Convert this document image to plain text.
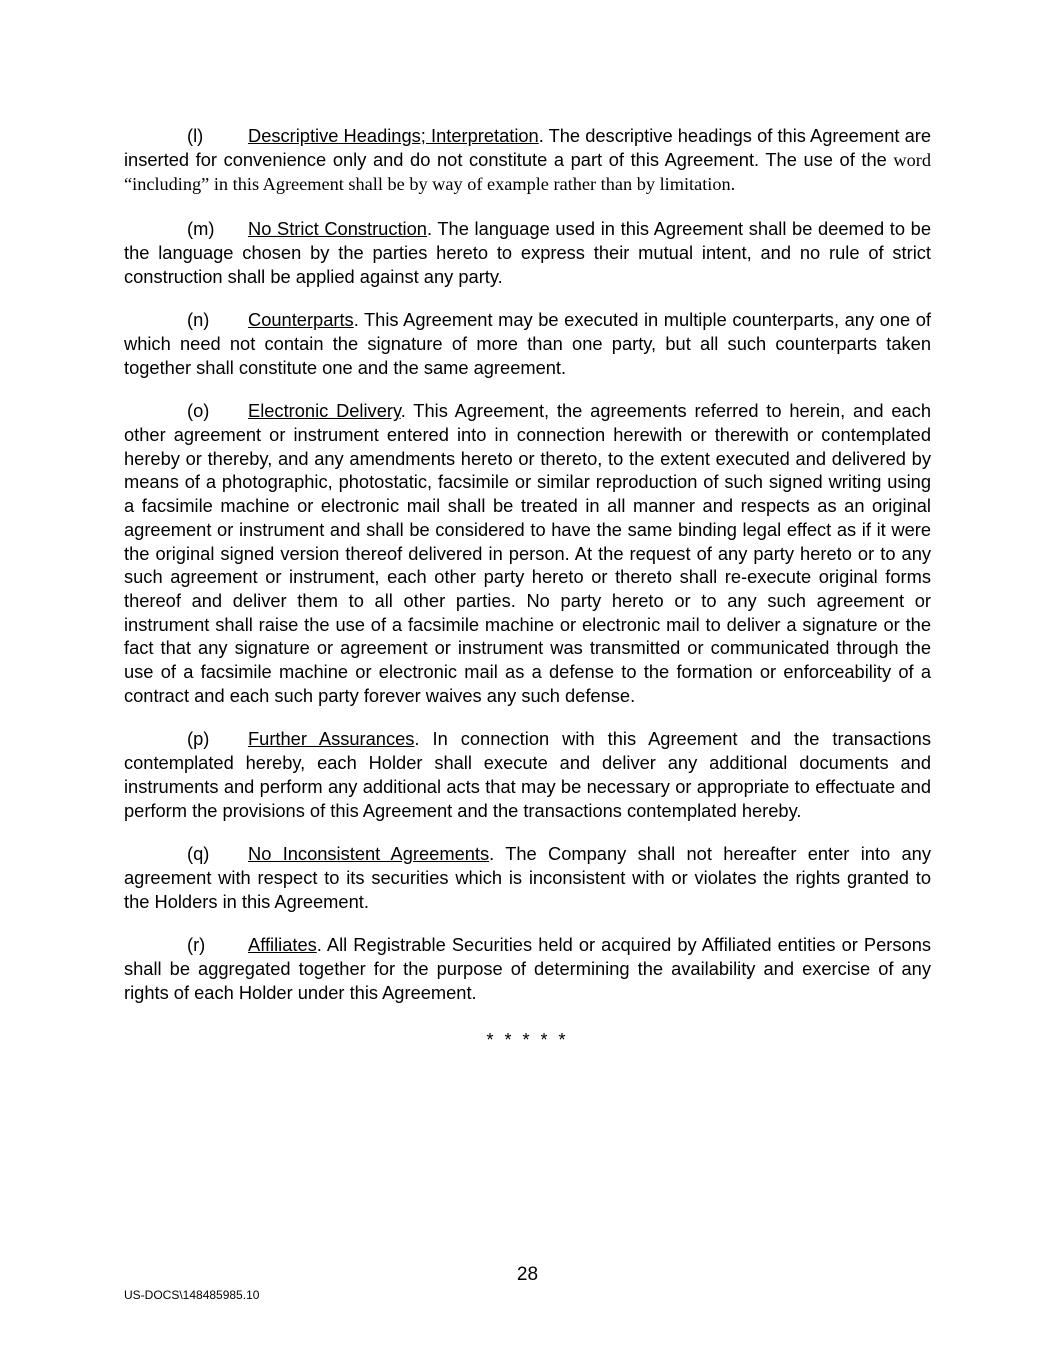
(l) Descriptive Headings; Interpretation. The descriptive headings of this Agreement are inserted for convenience only and do not constitute a part of this Agreement. The use of the word “including” in this Agreement shall be by way of example rather than by limitation.

(m) No Strict Construction. The language used in this Agreement shall be deemed to be the language chosen by the parties hereto to express their mutual intent, and no rule of strict construction shall be applied against any party.

(n) Counterparts. This Agreement may be executed in multiple counterparts, any one of which need not contain the signature of more than one party, but all such counterparts taken together shall constitute one and the same agreement.

(o) Electronic Delivery. This Agreement, the agreements referred to herein, and each other agreement or instrument entered into in connection herewith or therewith or contemplated hereby or thereby, and any amendments hereto or thereto, to the extent executed and delivered by means of a photographic, photostatic, facsimile or similar reproduction of such signed writing using a facsimile machine or electronic mail shall be treated in all manner and respects as an original agreement or instrument and shall be considered to have the same binding legal effect as if it were the original signed version thereof delivered in person. At the request of any party hereto or to any such agreement or instrument, each other party hereto or thereto shall re-execute original forms thereof and deliver them to all other parties. No party hereto or to any such agreement or instrument shall raise the use of a facsimile machine or electronic mail to deliver a signature or the fact that any signature or agreement or instrument was transmitted or communicated through the use of a facsimile machine or electronic mail as a defense to the formation or enforceability of a contract and each such party forever waives any such defense.

(p) Further Assurances. In connection with this Agreement and the transactions contemplated hereby, each Holder shall execute and deliver any additional documents and instruments and perform any additional acts that may be necessary or appropriate to effectuate and perform the provisions of this Agreement and the transactions contemplated hereby.

(q) No Inconsistent Agreements. The Company shall not hereafter enter into any agreement with respect to its securities which is inconsistent with or violates the rights granted to the Holders in this Agreement.

(r) Affiliates. All Registrable Securities held or acquired by Affiliated entities or Persons shall be aggregated together for the purpose of determining the availability and exercise of any rights of each Holder under this Agreement.

* * * * *
28
US-DOCS\148485985.10
